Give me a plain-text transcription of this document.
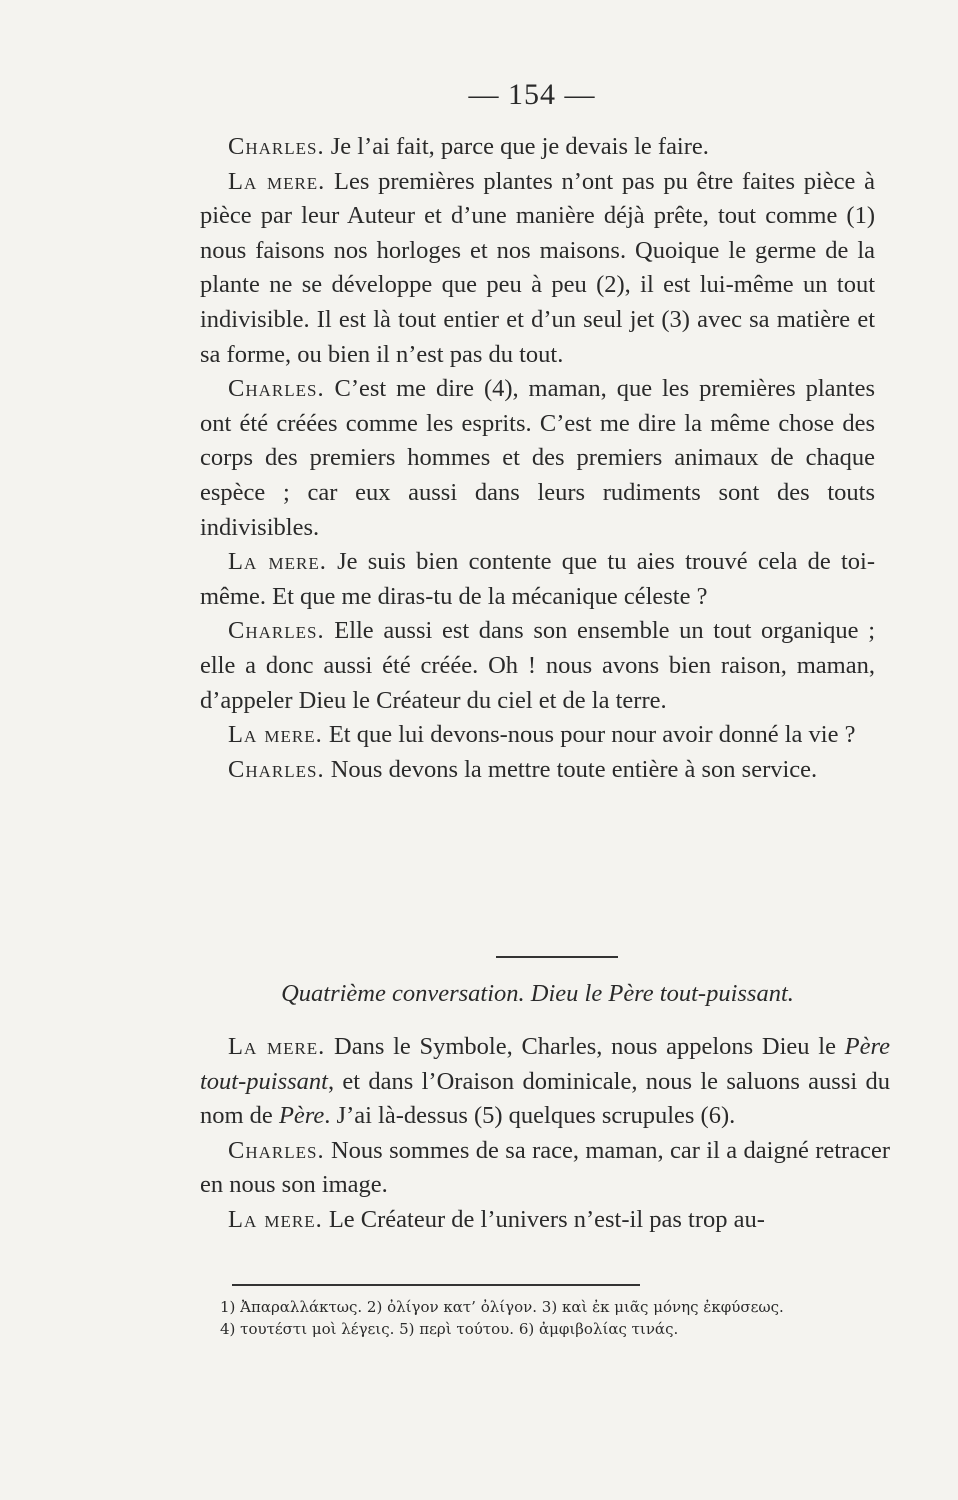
— 154 —

Charles. Je l’ai fait, parce que je devais le faire.

La mere. Les premières plantes n’ont pas pu être faites pièce à pièce par leur Auteur et d’une manière déjà prête, tout comme (1) nous faisons nos horloges et nos maisons. Quoique le germe de la plante ne se développe que peu à peu (2), il est lui-même un tout indivisible. Il est là tout entier et d’un seul jet (3) avec sa matière et sa forme, ou bien il n’est pas du tout.

Charles. C’est me dire (4), maman, que les premières plantes ont été créées comme les esprits. C’est me dire la même chose des corps des premiers hommes et des premiers animaux de chaque espèce ; car eux aussi dans leurs rudiments sont des touts indivisibles.

La mere. Je suis bien contente que tu aies trouvé cela de toi-même. Et que me diras-tu de la mécanique céleste ?

Charles. Elle aussi est dans son ensemble un tout organique ; elle a donc aussi été créée. Oh ! nous avons bien raison, maman, d’appeler Dieu le Créateur du ciel et de la terre.

La mere. Et que lui devons-nous pour nour avoir donné la vie ?

Charles. Nous devons la mettre toute entière à son service.

Quatrième conversation. Dieu le Père tout-puissant.

La mere. Dans le Symbole, Charles, nous appelons Dieu le Père tout-puissant, et dans l’Oraison dominicale, nous le saluons aussi du nom de Père. J’ai là-dessus (5) quelques scrupules (6).

Charles. Nous sommes de sa race, maman, car il a daigné retracer en nous son image.

La mere. Le Créateur de l’univers n’est-il pas trop au-

1) Ἀπαραλλάκτως. 2) ὀλίγον κατ’ ὀλίγον. 3) καὶ ἐκ μιᾶς μόνης ἐκφύσεως.
4) τουτέστι μοὶ λέγεις. 5) περὶ τούτου. 6) ἀμφιβολίας τινάς.
